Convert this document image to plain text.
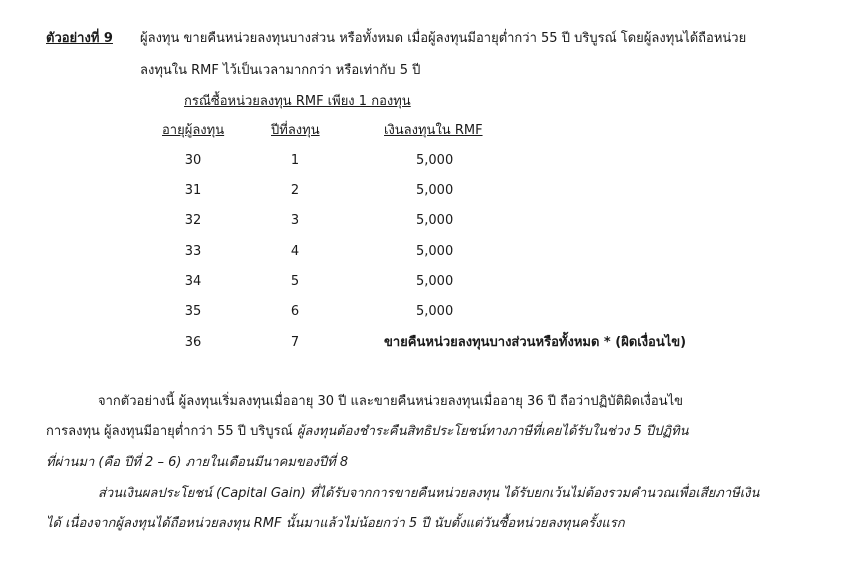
ตัวอย่างที่ 9 ผู้ลงทุน ขายคืนหน่วยลงทุนบางส่วน หรือทั้งหมด เมื่อผู้ลงทุนมีอายุต่ำกว่า 55 ปี บริบูรณ์ โดยผู้ลงทุนได้ถือหน่วย
ลงทุนใน RMF ไว้เป็นเวลามากกว่า หรือเท่ากับ 5 ปี
กรณีซื้อหน่วยลงทุน RMF เพียง 1 กองทุน
อายุผู้ลงทุน	ปีที่ลงทุน	เงินลงทุนใน RMF
30	1	5,000
31	2	5,000
32	3	5,000
33	4	5,000
34	5	5,000
35	6	5,000
36	7	ขายคืนหน่วยลงทุนบางส่วนหรือทั้งหมด * (ผิดเงื่อนไข)
จากตัวอย่างนี้ ผู้ลงทุนเริ่มลงทุนเมื่ออายุ 30 ปี และขายคืนหน่วยลงทุนเมื่ออายุ 36 ปี ถือว่าปฏิบัติผิดเงื่อนไข
การลงทุน ผู้ลงทุนมีอายุต่ำกว่า 55 ปี บริบูรณ์ ผู้ลงทุนต้องชำระคืนสิทธิประโยชน์ทางภาษีที่เคยได้รับในช่วง 5 ปีปฏิทิน
ที่ผ่านมา (คือ ปีที่ 2 – 6) ภายในเดือนมีนาคมของปีที่ 8
ส่วนเงินผลประโยชน์ (Capital Gain) ที่ได้รับจากการขายคืนหน่วยลงทุน ได้รับยกเว้นไม่ต้องรวมคำนวณเพื่อเสียภาษีเงิน
ได้ เนื่องจากผู้ลงทุนได้ถือหน่วยลงทุน RMF นั้นมาแล้วไม่น้อยกว่า 5 ปี นับตั้งแต่วันซื้อหน่วยลงทุนครั้งแรก
